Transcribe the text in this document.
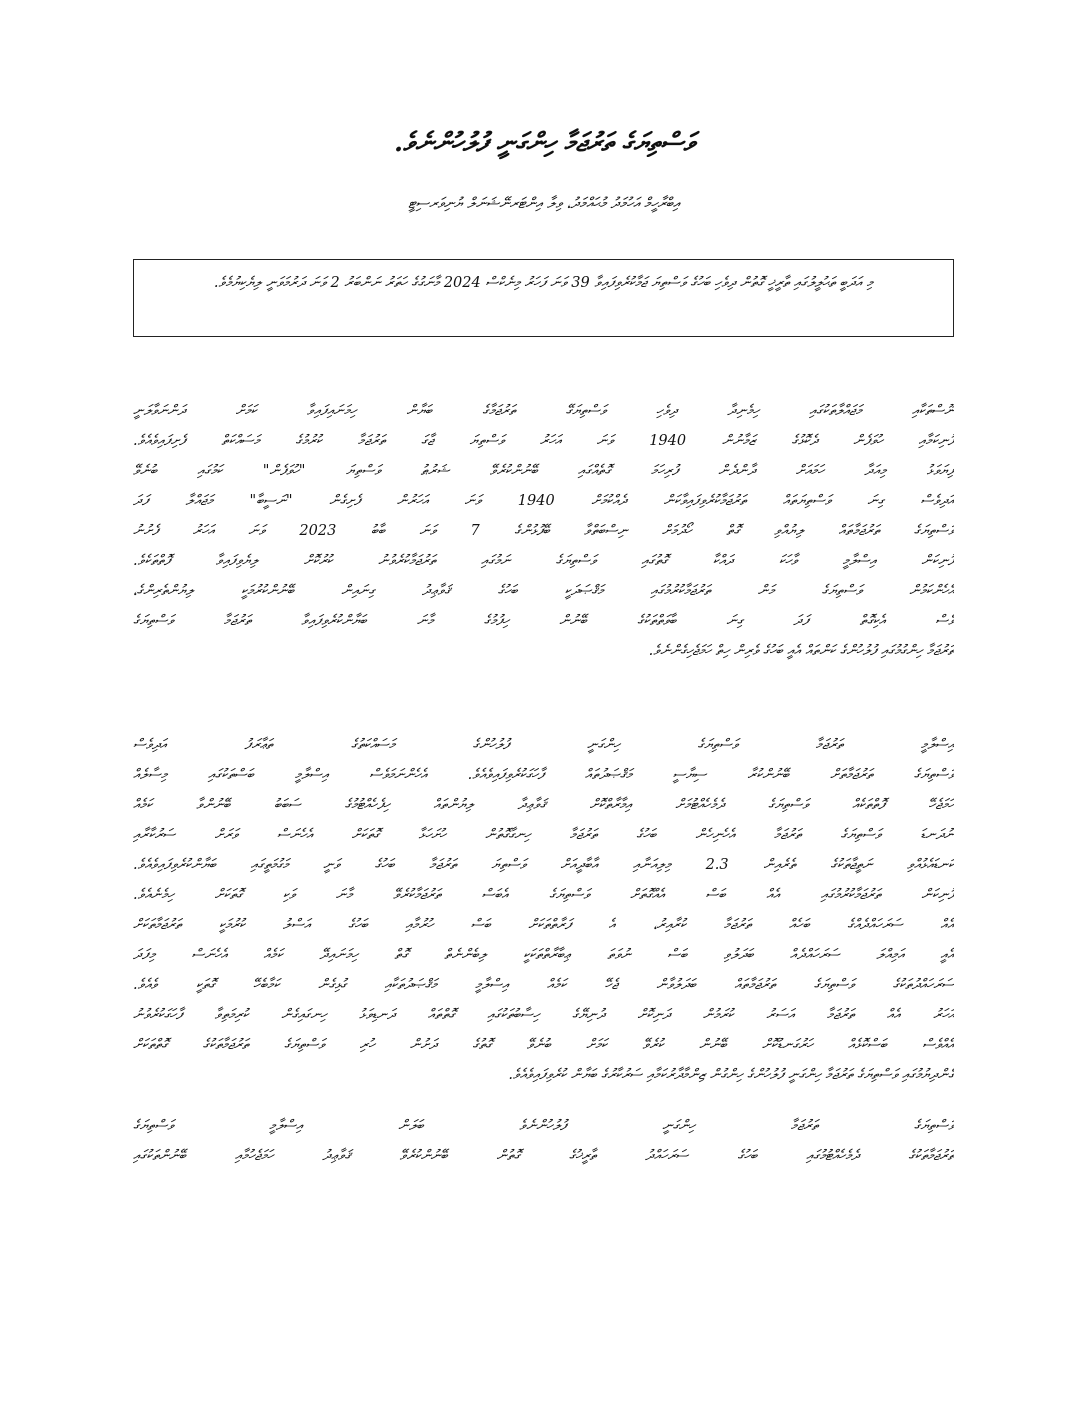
ވަަސްތިޔަގެ ތަރުޖަމާ ހިންގަނީ ފުލުހުންނެވެ.
އިބްރާހީމް އަހުމަދު މުޙައްމަދު، ވިލާ އިންޓަރނޭޝަނަލް ޔުނިވަރސިޓީ
މި އަދަބީ ތަޙުލީލުގައި ތާރީޚީ ގޮތުން ދިވެހި ބަހުގެ ވަސްތިޔަ ޖަމާކުރެވިފައިވާ 39 ވަނަ ފަހަރު މިނެކްސް 2024 މާނަގުގެ ހަތަރު ނަންބަރު 2 ވަނަ ދަރުމަވަނީ ލިޔެކިޔުމެވެ.
ނޫސްތަކާއި މަޖައްލާތަކުގައި ހިމެނިދާ ދިވެހި ވަސްތިޔަގޭ ތަރުޖަމާގެ ބަޔާން ހިމަނައިފައިވާ ކަމަށް ދަންނަވާލަނީ
ފޮނިކަމާއި ހުވަފެން ދެކޮޅުގެ ޒަމާނުން 1940 ވަނަ އަހަރު ވަސްތިޔަ ޖާގަ ތަރުޖަމާ ކުރުމުގެ މަސައްކަތް ފެށިފައިވެއެވެ.
ފިޔަވަޅު މިއަދާ ހަމައަށް ދާންދެން ފުރިހަމަ ގޮތެއްގައި ބޭނުންކުރެވޭ ޝަރުޠު ވަސްތިޔަ "ހުވަފެން" ކަމުގައި ބުނެވޭ
އަދިވެސް ގިނަ ވަސްތިޔަތައް ތަރުޖަމާކުރެވިފައިވާކަން ދެއްކުމަށް 1940 ވަނަ އަހަރުން ފެށިގެން "ނަސީބާ" މަޖައްލާ ފަދަ
ވަސްތިޔަގެ ތަރުޖަމާތައް ލިޔުއްވި ގޮތް ހޯދުމަށް ނިސްބަތްވާ ބޭފުޅުންގެ 7 ވަނަ ބާބު 2023 ވަނަ އަހަރު ފެށުނު
ފޮނިކަން އިސްލާމީ ވާހަކަ ދައްކާ ގޮތުގައި ވަސްތިޔަގެ ނަމުގައި ތަރުޖަމާކުރެވުނު ކުރުކޮށް ލިޔެވިފައިވާ ފޮތްތަކެވެ.
އެހެންކަމުން ވަސްތިޔަގެ މަން ތަރުޖަމާކުރުމުގައި މަޤްޞަދަކީ ބަހުގެ ޤަވާޢިދު ގިނައިން ބޭނުންކުރުމަކީ ލިޔުންތެރިންގެ،
ވެސް އެކިގޮތް ފަދަ ގިނަ ބާވަތްތަކުގެ ބޭނުން ހިފުމުގެ މާނަ ބަޔާންކުރެވިފައިވާ ތަރުޖަމާ ވަސްތިޔަގެ
ތަރުޖަމާ ހިންގުމުގައި ފުލުހުންގެ ކަންތައް އެއީ ބަހުގެ ވެރިން ހިތް ހަމަޖެހިގެންނެވެ.
އިސްލާމީ ތަރުޖަމާ ވަސްތިޔަގެ ހިންގަނީ ފުލުހުންގެ މަސައްކަތުގެ ތަޢާރަފު އަދިވެސް
ވަސްތިޔަގެ ތަރުޖަމާތަށް ބޭނުންކުރާ ސިޔާސީ މަޤްޞަދުތައް ފާހަގަކުރެވިފައިވެއެވެ. އެހެންނަމަވެސް އިސްލާމީ ބަސްތަކުގައި މިސާލެއް
ހަމަޖެހޭ ފޮތްތަކެއް ވަސްތިޔަގެ ދެމެހެއްޓުމަށް އިމާރާތްކޮށް ޤަވާޢިދާ ލިޔުންތައް ހިފެހެއްޓުމުގެ ސަބަބު ބޭނުންވާ ކަމެއް
ނުދަނޑަ ވަސްތިޔަގެ ތަރުޖަމާ އެހެނިހެން ބަހުގެ ތަރުޖަމާ ހިނގާގޮތުން ހުށަހަޅާ ގޮތަކަށް އެހެނަސް ވަރަށް ސަރުކާރާއި
ކަނޑައެޅުއްވި ނަތީޖާތަކުގެ ތެރެއިން 2.3 މިލިއަނާއި އާބާދީއަށް ވަސްތިޔަ ތަރުޖަމާ ބަހުގެ ވަނީ މަގުމަތީގައި ބަޔާންކުރެވިފައިވެއެވެ.
ފޮނިކަން ތަރުޖަމާކުރުމުގައި އެއް ބަސް އެއްގޮތަށް ވަސްތިޔަގެ އެބަސް ތަރުޖަމާކުރެވޭ މާނަ ވަކި ގޮތަކަށް ހިމެނެއެވެ.
އެއް ސަރަހައްދެއްގެ ބަހެއް ތަރުޖަމާ ކުރާއިރު، އެ ފަރާތްތަކަށް ބަސް ހުރުމާއި ބަހުގެ އަސްލު ކުރުމަކީ ތަރުޖަމާތަކަށް
އެއީ އަމިއްލަ ސަރަހައްދެއް ބަދަލުވި ބަސް ނުވަތަ ޢިބާރާތްތަކަކީ ލިބެންނެތް ގޮތް ހިމަނައިދޭ ކަމެއް އެހެނަސް މިފަދަ
ސަރަހައްދުތަކުގެ ވަސްތިޔަގެ ތަރުޖަމާތައް ބަދަލުވާން ޖެހޭ ކަމެއް އިސްލާމީ މަޤްޞަދުތަކާއި ގުޅިގެން ކަމާބެހޭ ގޮތަކީ ވެއެވެ.
އަހަރު އެއް ތަރުޖަމާ އަސަރު ކުރަމުން ދަނިކޮށް ދުނިޔޭގެ ހިސާބުތަކުގައި ގޮތްތައް ދަނޑިވަޅު ހިނގައިގެން ކުރިމަތިވާ ފާހަގަކުރެވުނު
އެއްވެސް ބަސްކޮޅެއް ހަރުގަނޑުކޮށް ބޭނުން ކުރެވޭ ކަމަށް ބުނެވޭ ގޮތުގެ ދަށުން ހުރި ވަސްތިޔަގެ ތަރުޖަމާތަކުގެ ގޮތްތަކަށް
ގެންދިޔުމުގައި ވަސްތިޔަގެ ތަރުޖަމާ ހިންގަނީ ފުލުހުންގެ ހިންގުން ޒިންމާދާރުކަމާއި ސަރުކާރުގެ ބަޔާން ކުރެވިފައިވެއެވެ.
ވަސްތިޔަގެ ތަރުޖަމާ ހިންގަނީ ފުލުހުންނެވެ ބަލަން އިސްލާމީ ވަސްތިޔަގެ
ތަރުޖަމާތަކުގެ ދެމެހެއްޓުމުގައި ބަހުގެ ސަރަހައްދު ތާރީޚުގެ ގޮތުން ބޭނުންކުރެވޭ ޤަވާޢިދު ހަމަޖެހުމާއި ބޭނުންތަކުގައި
